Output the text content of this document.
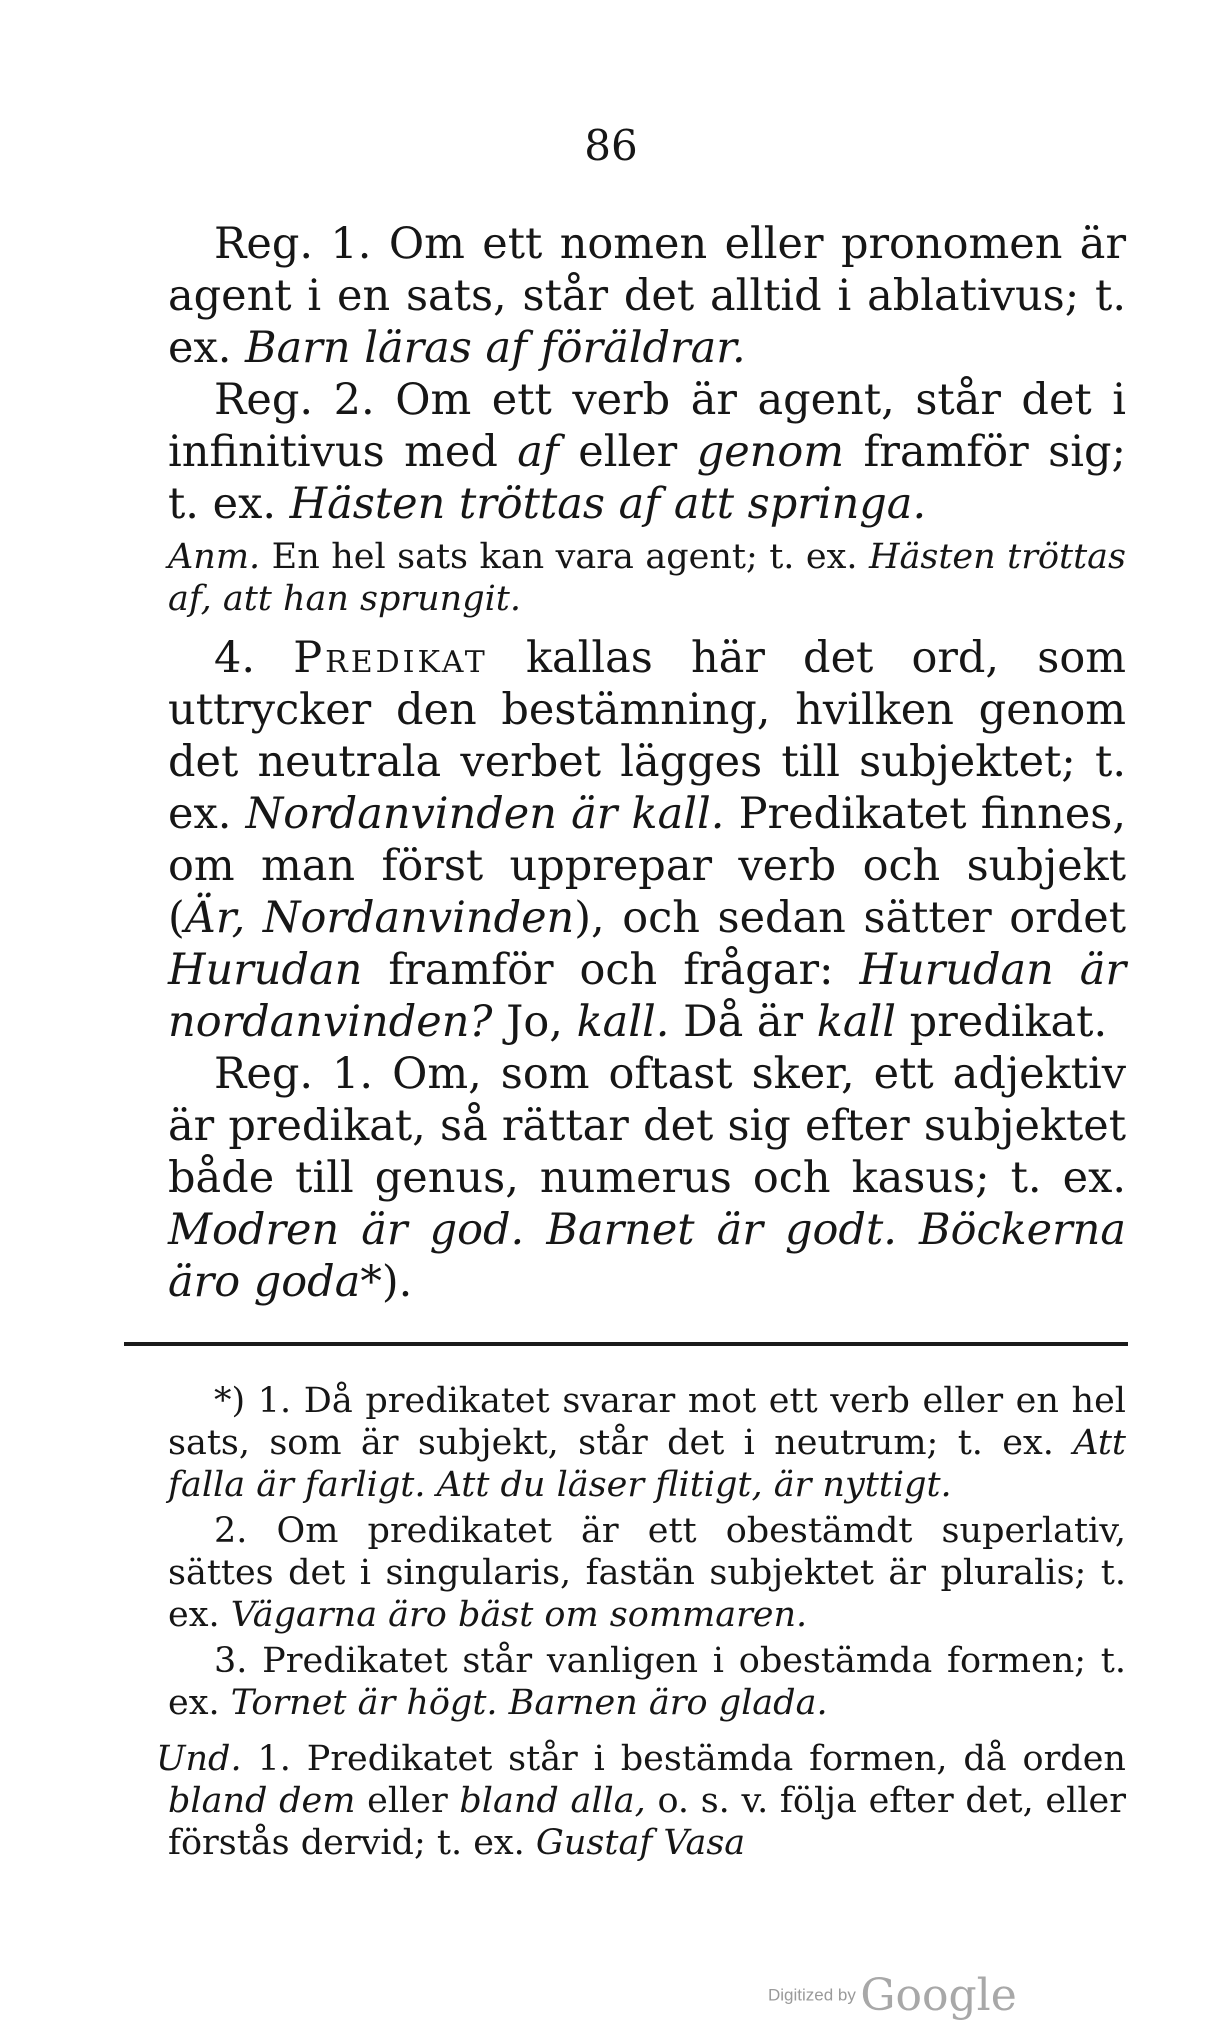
86

Reg. 1. Om ett nomen eller pronomen är agent i en sats, står det alltid i ablativus; t. ex. Barn läras af föräldrar.

Reg. 2. Om ett verb är agent, står det i infinitivus med af eller genom framför sig; t. ex. Hästen tröttas af att springa.

Anm. En hel sats kan vara agent; t. ex. Hästen tröttas af, att han sprungit.

4. Predikat kallas här det ord, som uttrycker den bestämning, hvilken genom det neutrala verbet lägges till subjektet; t. ex. Nordanvinden är kall. Predikatet finnes, om man först upprepar verb och subjekt (Är, Nordanvinden), och sedan sätter ordet Hurudan framför och frågar: Hurudan är nordanvinden? Jo, kall. Då är kall predikat.

Reg. 1. Om, som oftast sker, ett adjektiv är predikat, så rättar det sig efter subjektet både till genus, numerus och kasus; t. ex. Modren är god. Barnet är godt. Böckerna äro goda*).

*) 1. Då predikatet svarar mot ett verb eller en hel sats, som är subjekt, står det i neutrum; t. ex. Att falla är farligt. Att du läser flitigt, är nyttigt.

2. Om predikatet är ett obestämdt superlativ, sättes det i singularis, fastän subjektet är pluralis; t. ex. Vägarna äro bäst om sommaren.

3. Predikatet står vanligen i obestämda formen; t. ex. Tornet är högt. Barnen äro glada.

Und. 1. Predikatet står i bestämda formen, då orden bland dem eller bland alla, o. s. v. följa efter det, eller förstås dervid; t. ex. Gustaf Vasa

Digitized by Google
